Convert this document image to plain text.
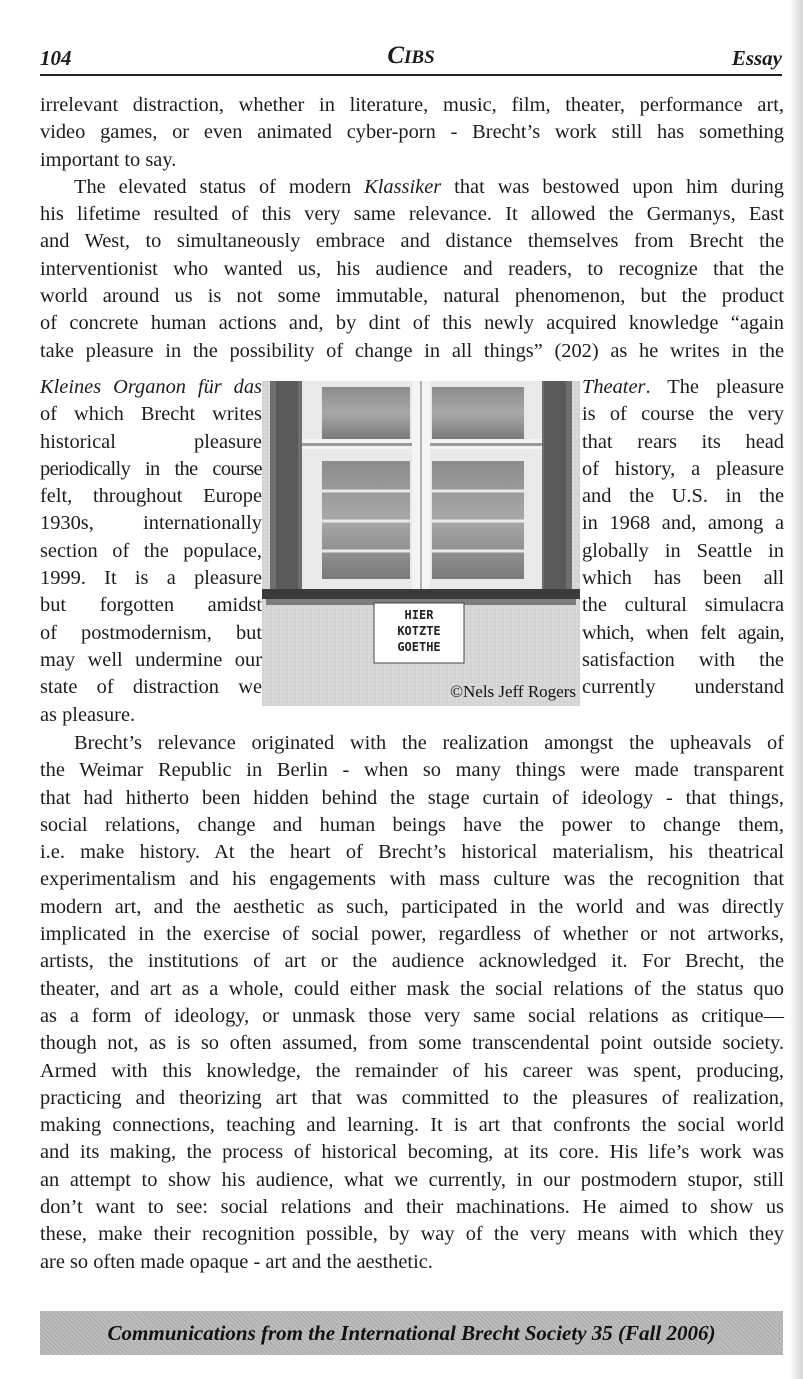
104	CIBS	Essay
irrelevant distraction, whether in literature, music, film, theater, performance art,
video games, or even animated cyber-porn - Brecht’s work still has something
important to say.
The elevated status of modern Klassiker that was bestowed upon him during
his lifetime resulted of this very same relevance. It allowed the Germanys, East
and West, to simultaneously embrace and distance themselves from Brecht the
interventionist who wanted us, his audience and readers, to recognize that the
world around us is not some immutable, natural phenomenon, but the product
of concrete human actions and, by dint of this newly acquired knowledge “again
take pleasure in the possibility of change in all things” (202) as he writes in the
Kleines Organon für das
of which Brecht writes
historical pleasure
periodically in the course
felt, throughout Europe
1930s, internationally
section of the populace,
1999. It is a pleasure
but forgotten amidst
of postmodernism, but
may well undermine our
state of distraction we
as pleasure.
Theater. The pleasure
is of course the very
that rears its head
of history, a pleasure
and the U.S. in the
in 1968 and, among a
globally in Seattle in
which has been all
the cultural simulacra
which, when felt again,
satisfaction with the
currently understand
HIER
KOTZTE
GOETHE
©Nels Jeff Rogers
Brecht’s relevance originated with the realization amongst the upheavals of
the Weimar Republic in Berlin - when so many things were made transparent
that had hitherto been hidden behind the stage curtain of ideology - that things,
social relations, change and human beings have the power to change them,
i.e. make history. At the heart of Brecht’s historical materialism, his theatrical
experimentalism and his engagements with mass culture was the recognition that
modern art, and the aesthetic as such, participated in the world and was directly
implicated in the exercise of social power, regardless of whether or not artworks,
artists, the institutions of art or the audience acknowledged it. For Brecht, the
theater, and art as a whole, could either mask the social relations of the status quo
as a form of ideology, or unmask those very same social relations as critique—
though not, as is so often assumed, from some transcendental point outside society.
Armed with this knowledge, the remainder of his career was spent, producing,
practicing and theorizing art that was committed to the pleasures of realization,
making connections, teaching and learning. It is art that confronts the social world
and its making, the process of historical becoming, at its core. His life’s work was
an attempt to show his audience, what we currently, in our postmodern stupor, still
don’t want to see: social relations and their machinations. He aimed to show us
these, make their recognition possible, by way of the very means with which they
are so often made opaque - art and the aesthetic.
Communications from the International Brecht Society 35 (Fall 2006)
